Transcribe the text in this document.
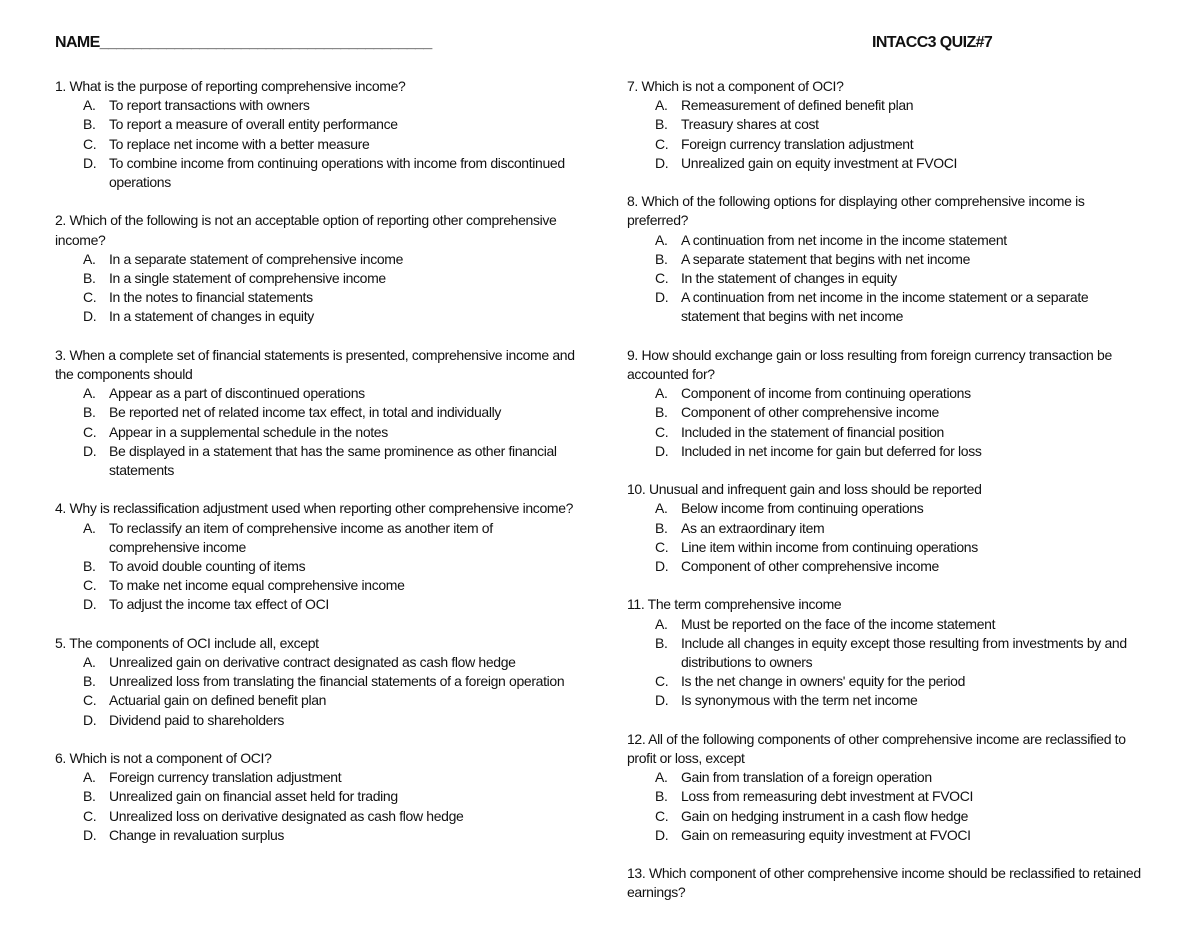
NAME________________________________________	INTACC3 QUIZ#7

1. What is the purpose of reporting comprehensive income?

A. To report transactions with owners
B. To report a measure of overall entity performance
C. To replace net income with a better measure
D. To combine income from continuing operations with income from discontinued operations

2. Which of the following is not an acceptable option of reporting other comprehensive income?

A. In a separate statement of comprehensive income
B. In a single statement of comprehensive income
C. In the notes to financial statements
D. In a statement of changes in equity

3. When a complete set of financial statements is presented, comprehensive income and the components should

A. Appear as a part of discontinued operations
B. Be reported net of related income tax effect, in total and individually
C. Appear in a supplemental schedule in the notes
D. Be displayed in a statement that has the same prominence as other financial statements

4. Why is reclassification adjustment used when reporting other comprehensive income?

A. To reclassify an item of comprehensive income as another item of comprehensive income
B. To avoid double counting of items
C. To make net income equal comprehensive income
D. To adjust the income tax effect of OCI

5. The components of OCI include all, except

A. Unrealized gain on derivative contract designated as cash flow hedge
B. Unrealized loss from translating the financial statements of a foreign operation
C. Actuarial gain on defined benefit plan
D. Dividend paid to shareholders

6. Which is not a component of OCI?

A. Foreign currency translation adjustment
B. Unrealized gain on financial asset held for trading
C. Unrealized loss on derivative designated as cash flow hedge
D. Change in revaluation surplus

7. Which is not a component of OCI?

A. Remeasurement of defined benefit plan
B. Treasury shares at cost
C. Foreign currency translation adjustment
D. Unrealized gain on equity investment at FVOCI

8. Which of the following options for displaying other comprehensive income is preferred?

A. A continuation from net income in the income statement
B. A separate statement that begins with net income
C. In the statement of changes in equity
D. A continuation from net income in the income statement or a separate statement that begins with net income

9. How should exchange gain or loss resulting from foreign currency transaction be accounted for?

A. Component of income from continuing operations
B. Component of other comprehensive income
C. Included in the statement of financial position
D. Included in net income for gain but deferred for loss

10. Unusual and infrequent gain and loss should be reported

A. Below income from continuing operations
B. As an extraordinary item
C. Line item within income from continuing operations
D. Component of other comprehensive income

11. The term comprehensive income

A. Must be reported on the face of the income statement
B. Include all changes in equity except those resulting from investments by and distributions to owners
C. Is the net change in owners' equity for the period
D. Is synonymous with the term net income

12. All of the following components of other comprehensive income are reclassified to profit or loss, except

A. Gain from translation of a foreign operation
B. Loss from remeasuring debt investment at FVOCI
C. Gain on hedging instrument in a cash flow hedge
D. Gain on remeasuring equity investment at FVOCI

13. Which component of other comprehensive income should be reclassified to retained earnings?
